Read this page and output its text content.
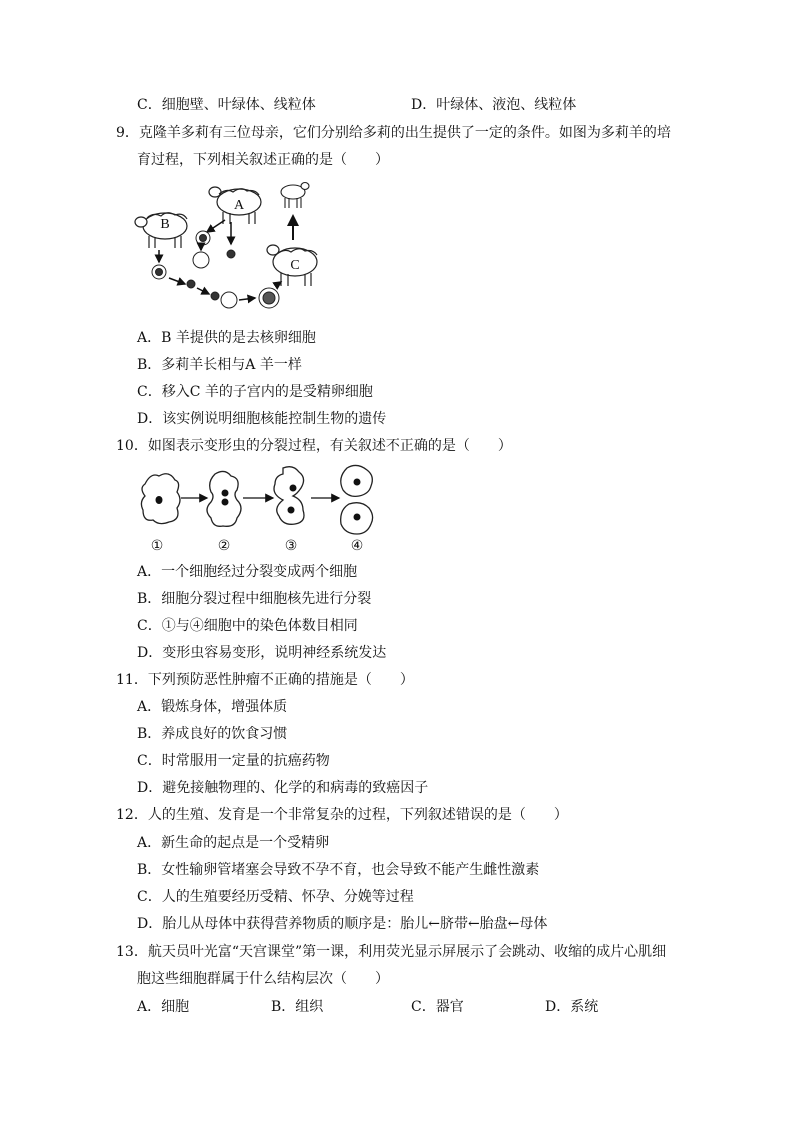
C．细胞壁、叶绿体、线粒体	D．叶绿体、液泡、线粒体
9．克隆羊多莉有三位母亲，它们分别给多莉的出生提供了一定的条件。如图为多莉羊的培
育过程，下列相关叙述正确的是（　　）
B
A
C
A．B 羊提供的是去核卵细胞
B．多莉羊长相与A 羊一样
C．移入C 羊的子宫内的是受精卵细胞
D．该实例说明细胞核能控制生物的遗传
10．如图表示变形虫的分裂过程，有关叙述不正确的是（　　）
①	②	③	④
A．一个细胞经过分裂变成两个细胞
B．细胞分裂过程中细胞核先进行分裂
C．①与④细胞中的染色体数目相同
D．变形虫容易变形，说明神经系统发达
11．下列预防恶性肿瘤不正确的措施是（　　）
A．锻炼身体，增强体质
B．养成良好的饮食习惯
C．时常服用一定量的抗癌药物
D．避免接触物理的、化学的和病毒的致癌因子
12．人的生殖、发育是一个非常复杂的过程，下列叙述错误的是（　　）
A．新生命的起点是一个受精卵
B．女性输卵管堵塞会导致不孕不育，也会导致不能产生雌性激素
C．人的生殖要经历受精、怀孕、分娩等过程
D．胎儿从母体中获得营养物质的顺序是：胎儿←脐带←胎盘←母体
13．航天员叶光富“天宫课堂”第一课，利用荧光显示屏展示了会跳动、收缩的成片心肌细
胞这些细胞群属于什么结构层次（　　）
A．细胞	B．组织	C．器官	D．系统
